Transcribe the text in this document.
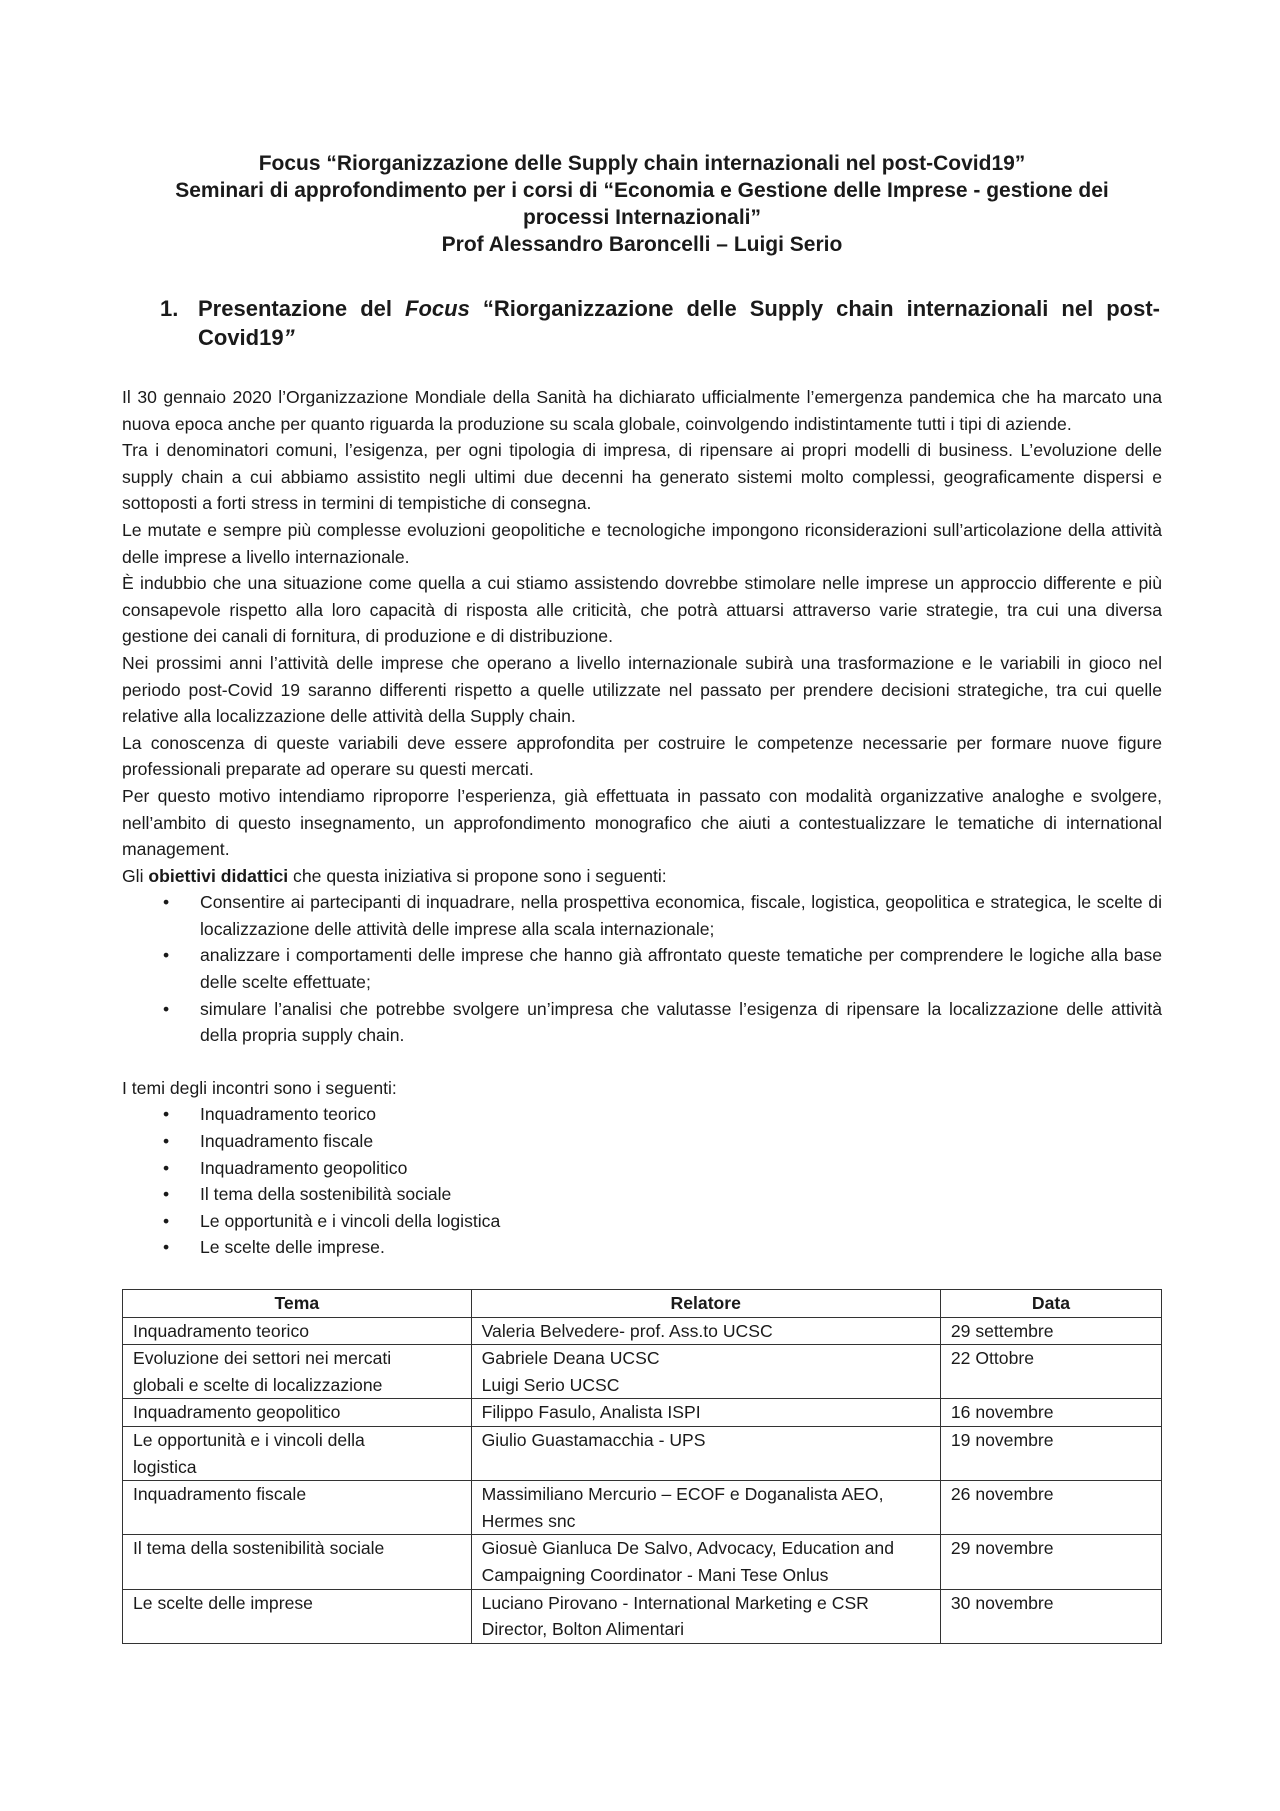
Focus “Riorganizzazione delle Supply chain internazionali nel post-Covid19”
Seminari di approfondimento per i corsi di “Economia e Gestione delle Imprese - gestione dei
processi Internazionali”
Prof Alessandro Baroncelli – Luigi Serio
1. Presentazione del Focus “Riorganizzazione delle Supply chain internazionali nel post-Covid19”

Il 30 gennaio 2020 l’Organizzazione Mondiale della Sanità ha dichiarato ufficialmente l’emergenza pandemica che ha marcato una nuova epoca anche per quanto riguarda la produzione su scala globale, coinvolgendo indistintamente tutti i tipi di aziende.

Tra i denominatori comuni, l’esigenza, per ogni tipologia di impresa, di ripensare ai propri modelli di business. L’evoluzione delle supply chain a cui abbiamo assistito negli ultimi due decenni ha generato sistemi molto complessi, geograficamente dispersi e sottoposti a forti stress in termini di tempistiche di consegna.

Le mutate e sempre più complesse evoluzioni geopolitiche e tecnologiche impongono riconsiderazioni sull’articolazione della attività delle imprese a livello internazionale.

È indubbio che una situazione come quella a cui stiamo assistendo dovrebbe stimolare nelle imprese un approccio differente e più consapevole rispetto alla loro capacità di risposta alle criticità, che potrà attuarsi attraverso varie strategie, tra cui una diversa gestione dei canali di fornitura, di produzione e di distribuzione.

Nei prossimi anni l’attività delle imprese che operano a livello internazionale subirà una trasformazione e le variabili in gioco nel periodo post-Covid 19 saranno differenti rispetto a quelle utilizzate nel passato per prendere decisioni strategiche, tra cui quelle relative alla localizzazione delle attività della Supply chain.

La conoscenza di queste variabili deve essere approfondita per costruire le competenze necessarie per formare nuove figure professionali preparate ad operare su questi mercati.

Per questo motivo intendiamo riproporre l’esperienza, già effettuata in passato con modalità organizzative analoghe e svolgere, nell’ambito di questo insegnamento, un approfondimento monografico che aiuti a contestualizzare le tematiche di international management.

Gli obiettivi didattici che questa iniziativa si propone sono i seguenti:

• Consentire ai partecipanti di inquadrare, nella prospettiva economica, fiscale, logistica, geopolitica e strategica, le scelte di localizzazione delle attività delle imprese alla scala internazionale;
• analizzare i comportamenti delle imprese che hanno già affrontato queste tematiche per comprendere le logiche alla base delle scelte effettuate;
• simulare l’analisi che potrebbe svolgere un’impresa che valutasse l’esigenza di ripensare la localizzazione delle attività della propria supply chain.

I temi degli incontri sono i seguenti:

• Inquadramento teorico
• Inquadramento fiscale
• Inquadramento geopolitico
• Il tema della sostenibilità sociale
• Le opportunità e i vincoli della logistica
• Le scelte delle imprese.
Tema	Relatore	Data

Inquadramento teorico	Valeria Belvedere- prof. Ass.to UCSC	29 settembre

Evoluzione dei settori nei mercati
globali e scelte di localizzazione	Gabriele Deana UCSC
Luigi Serio UCSC	22 Ottobre

Inquadramento geopolitico	Filippo Fasulo, Analista ISPI	16 novembre

Le opportunità e i vincoli della
logistica	Giulio Guastamacchia - UPS	19 novembre

Inquadramento fiscale	Massimiliano Mercurio – ECOF e Doganalista AEO,
Hermes snc	26 novembre

Il tema della sostenibilità sociale	Giosuè Gianluca De Salvo, Advocacy, Education and
Campaigning Coordinator - Mani Tese Onlus	29 novembre

Le scelte delle imprese	Luciano Pirovano - International Marketing e CSR
Director, Bolton Alimentari	30 novembre
